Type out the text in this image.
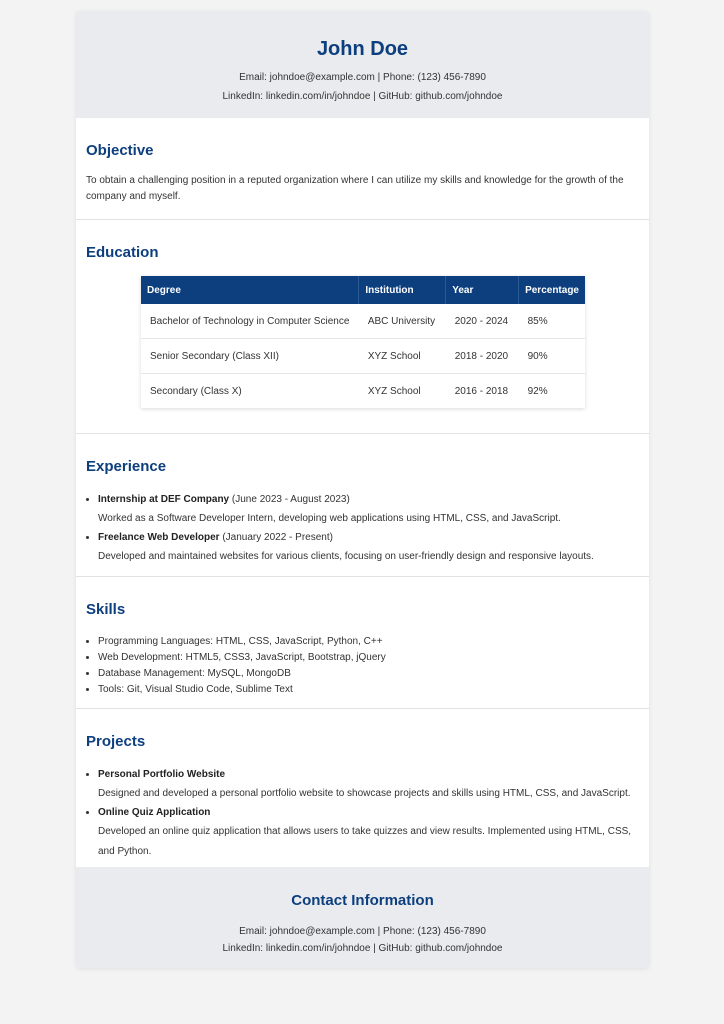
John Doe
Email: johndoe@example.com | Phone: (123) 456-7890
LinkedIn: linkedin.com/in/johndoe | GitHub: github.com/johndoe
Objective

To obtain a challenging position in a reputed organization where I can utilize my skills and knowledge for the growth of the company and myself.

Education
Degree	Institution	Year	Percentage
Bachelor of Technology in Computer Science	ABC University	2020 - 2024	85%
Senior Secondary (Class XII)	XYZ School	2018 - 2020	90%
Secondary (Class X)	XYZ School	2016 - 2018	92%
Experience
• Internship at DEF Company (June 2023 - August 2023)
Worked as a Software Developer Intern, developing web applications using HTML, CSS, and JavaScript.
• Freelance Web Developer (January 2022 - Present)
Developed and maintained websites for various clients, focusing on user-friendly design and responsive layouts.
Skills
• Programming Languages: HTML, CSS, JavaScript, Python, C++
• Web Development: HTML5, CSS3, JavaScript, Bootstrap, jQuery
• Database Management: MySQL, MongoDB
• Tools: Git, Visual Studio Code, Sublime Text
Projects
• Personal Portfolio Website
Designed and developed a personal portfolio website to showcase projects and skills using HTML, CSS, and JavaScript.
• Online Quiz Application
Developed an online quiz application that allows users to take quizzes and view results. Implemented using HTML, CSS, and Python.
Contact Information
Email: johndoe@example.com | Phone: (123) 456-7890
LinkedIn: linkedin.com/in/johndoe | GitHub: github.com/johndoe
